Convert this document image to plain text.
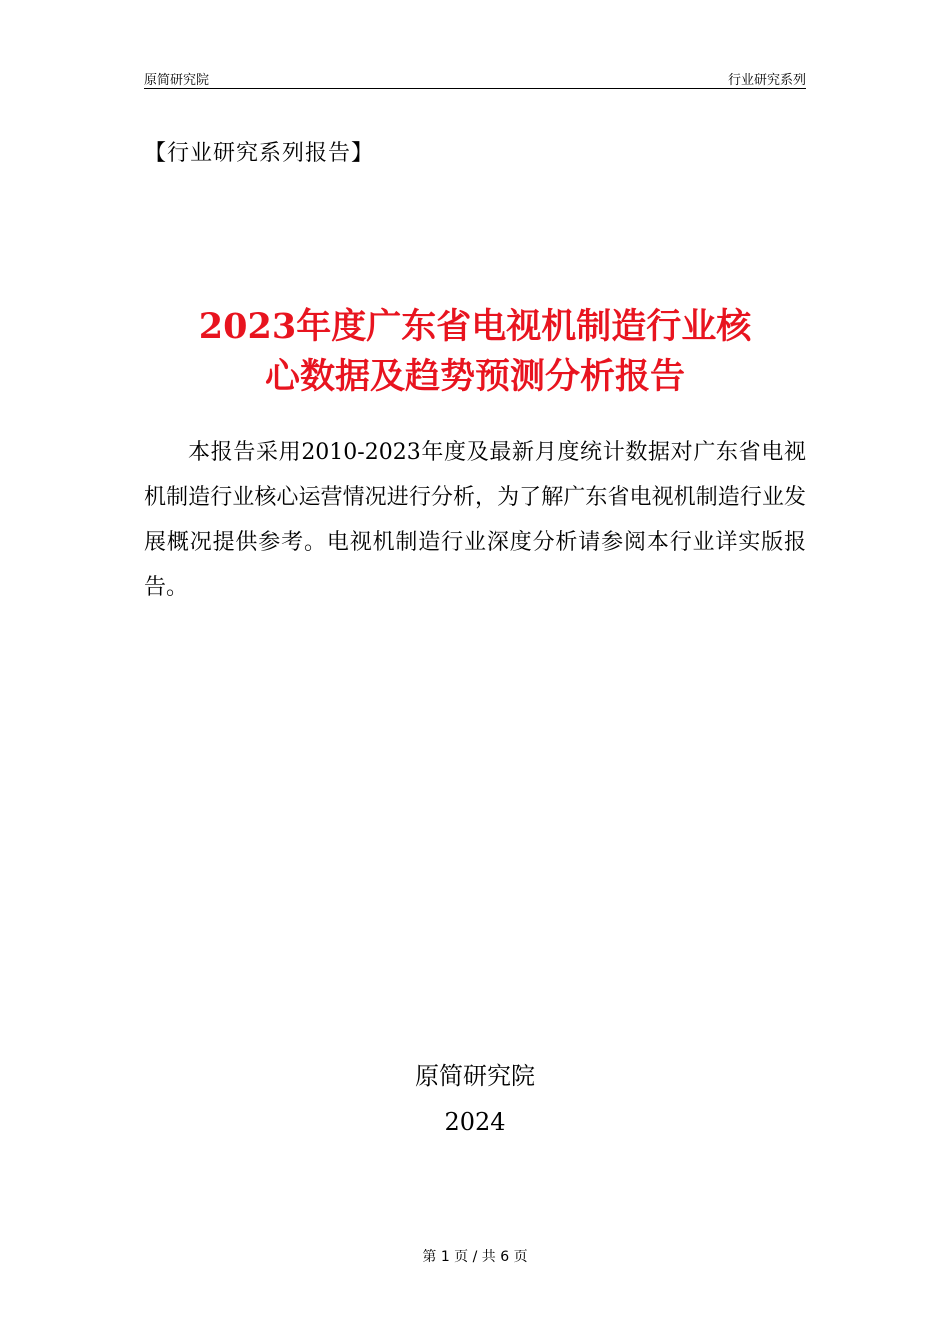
原简研究院	行业研究系列
【行业研究系列报告】
2023年度广东省电视机制造行业核
心数据及趋势预测分析报告

本报告采用2010-2023年度及最新月度统计数据对广东省电视机制造行业核心运营情况进行分析，为了解广东省电视机制造行业发展概况提供参考。电视机制造行业深度分析请参阅本行业详实版报告。

原简研究院
2024
第 1 页 / 共 6 页
